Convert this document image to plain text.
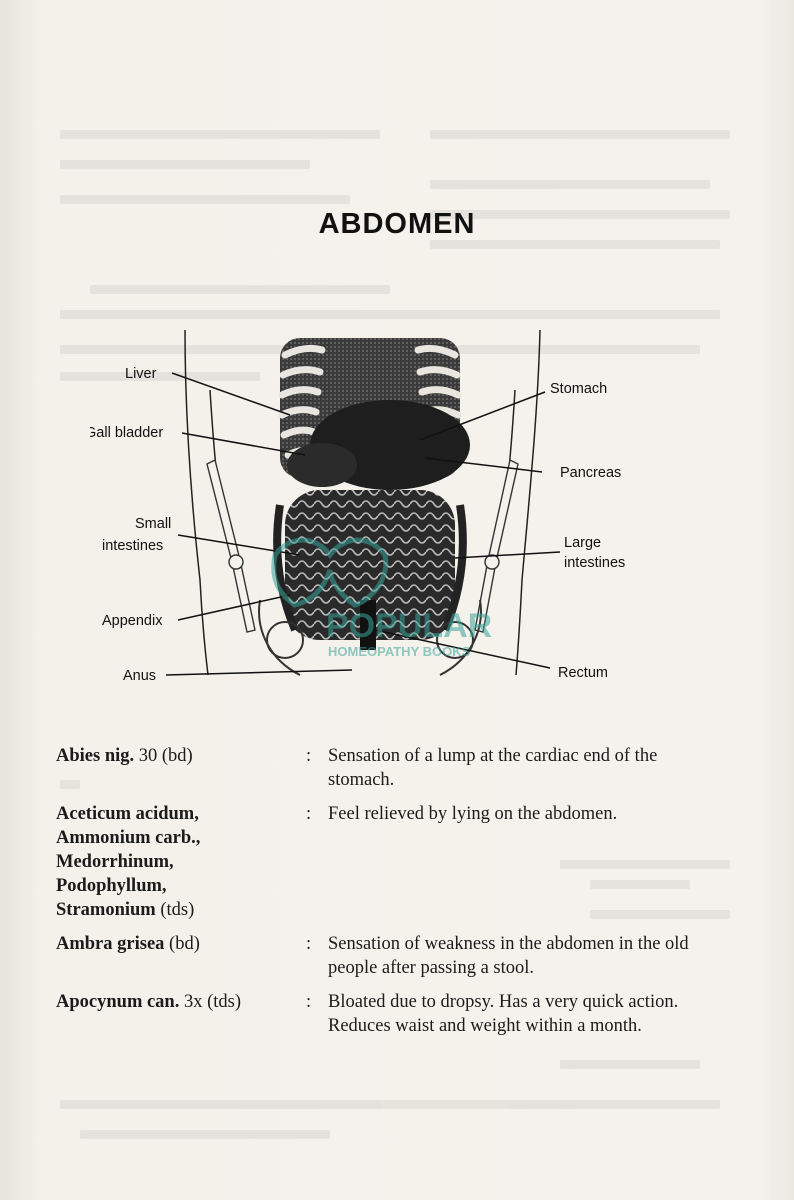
ABDOMEN
Liver
Gall bladder
Small
intestines
Appendix
Anus
Stomach
Pancreas
Large
intestines
Rectum
POPULAR
HOMEOPATHY BOOKS
Abies nig. 30 (bd)	: Sensation of a lump at the cardiac end of the stomach.
Aceticum acidum,
Ammonium carb.,
Medorrhinum,
Podophyllum,
Stramonium (tds)
: Feel relieved by lying on the abdomen.
Ambra grisea (bd)	: Sensation of weakness in the abdomen in the old people after passing a stool.
Apocynum can. 3x (tds)	: Bloated due to dropsy. Has a very quick action. Reduces waist and weight within a month.
